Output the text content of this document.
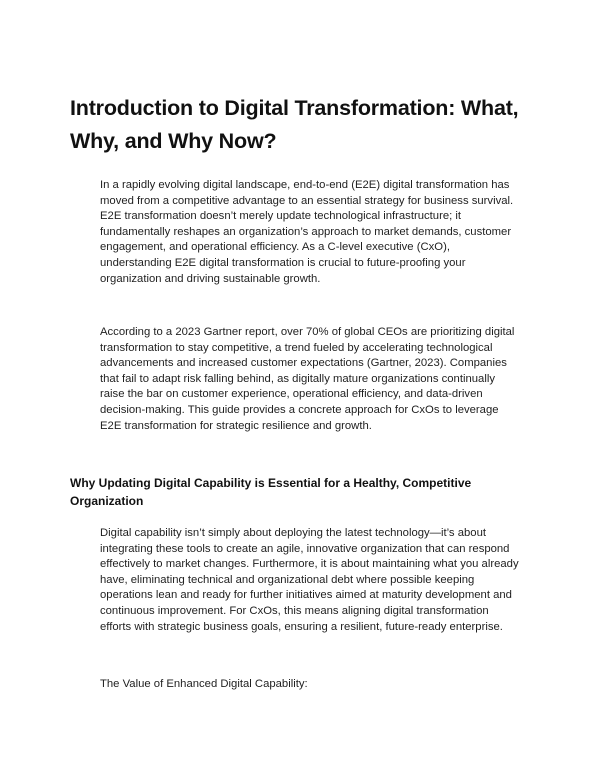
Introduction to Digital Transformation: What, Why, and Why Now?

In a rapidly evolving digital landscape, end-to-end (E2E) digital transformation has moved from a competitive advantage to an essential strategy for business survival. E2E transformation doesn’t merely update technological infrastructure; it fundamentally reshapes an organization’s approach to market demands, customer engagement, and operational efficiency. As a C-level executive (CxO), understanding E2E digital transformation is crucial to future-proofing your organization and driving sustainable growth.

According to a 2023 Gartner report, over 70% of global CEOs are prioritizing digital transformation to stay competitive, a trend fueled by accelerating technological advancements and increased customer expectations (Gartner, 2023). Companies that fail to adapt risk falling behind, as digitally mature organizations continually raise the bar on customer experience, operational efficiency, and data-driven decision-making. This guide provides a concrete approach for CxOs to leverage E2E transformation for strategic resilience and growth.

Why Updating Digital Capability is Essential for a Healthy, Competitive Organization

Digital capability isn’t simply about deploying the latest technology—it’s about integrating these tools to create an agile, innovative organization that can respond effectively to market changes. Furthermore, it is about maintaining what you already have, eliminating technical and organizational debt where possible keeping operations lean and ready for further initiatives aimed at maturity development and continuous improvement. For CxOs, this means aligning digital transformation efforts with strategic business goals, ensuring a resilient, future-ready enterprise.

The Value of Enhanced Digital Capability:
